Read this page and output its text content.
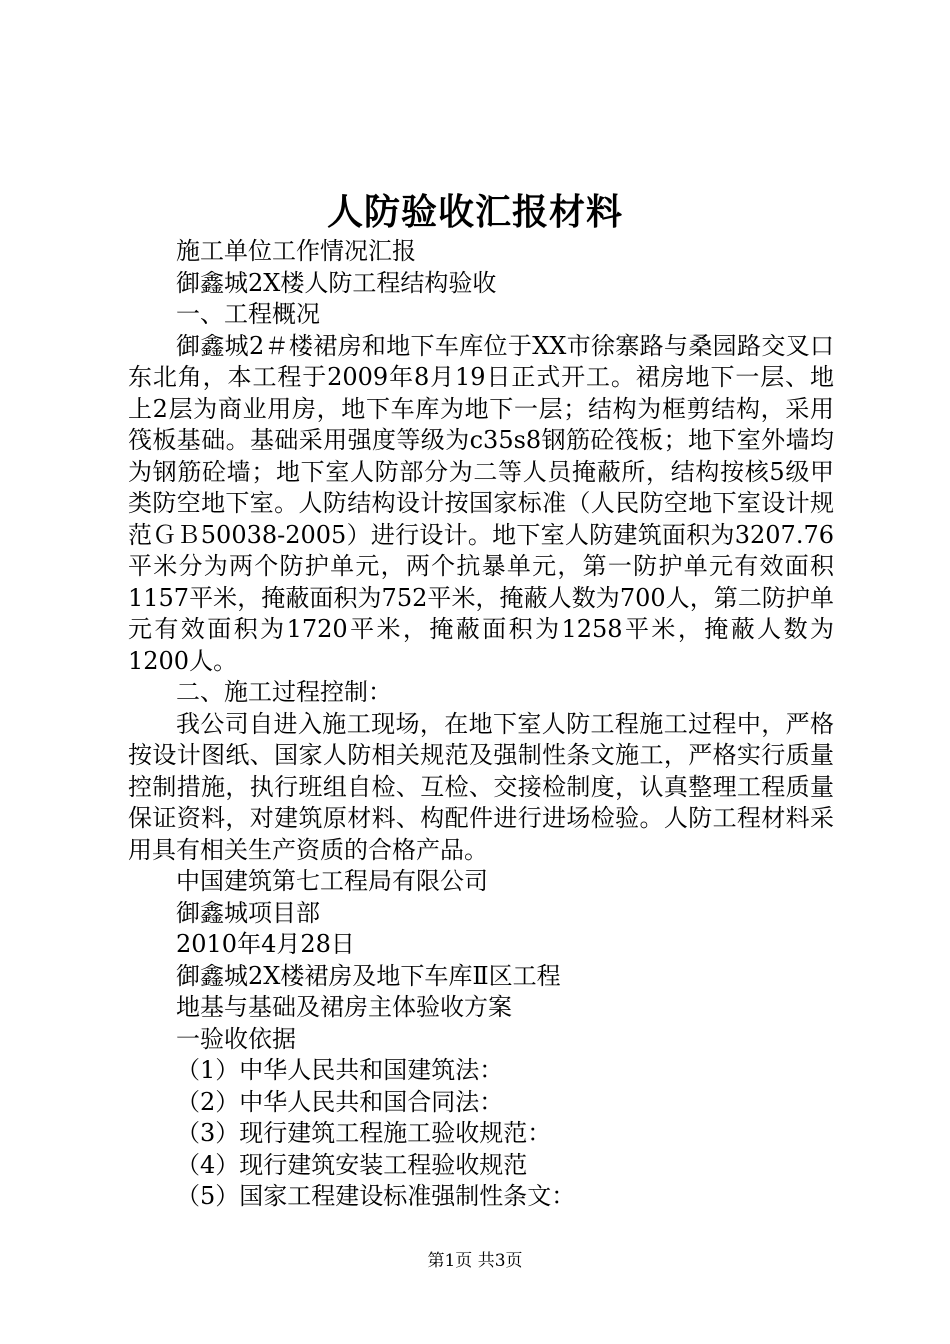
人防验收汇报材料

施工单位工作情况汇报

御鑫城2X楼人防工程结构验收

一、工程概况

御鑫城2＃楼裙房和地下车库位于XX市徐寨路与桑园路交叉口东北角，本工程于2009年8月19日正式开工。裙房地下一层、地上2层为商业用房，地下车库为地下一层；结构为框剪结构，采用筏板基础。基础采用强度等级为c35s8钢筋砼筏板；地下室外墙均为钢筋砼墙；地下室人防部分为二等人员掩蔽所，结构按核5级甲类防空地下室。人防结构设计按国家标准（人民防空地下室设计规范ＧＢ50038-2005）进行设计。地下室人防建筑面积为3207.76平米分为两个防护单元，两个抗暴单元，第一防护单元有效面积1157平米，掩蔽面积为752平米，掩蔽人数为700人，第二防护单元有效面积为1720平米，掩蔽面积为1258平米，掩蔽人数为1200人。

二、施工过程控制：

我公司自进入施工现场，在地下室人防工程施工过程中，严格按设计图纸、国家人防相关规范及强制性条文施工，严格实行质量控制措施，执行班组自检、互检、交接检制度，认真整理工程质量保证资料，对建筑原材料、构配件进行进场检验。人防工程材料采用具有相关生产资质的合格产品。

中国建筑第七工程局有限公司

御鑫城项目部

2010年4月28日

御鑫城2X楼裙房及地下车库Ⅱ区工程

地基与基础及裙房主体验收方案

一验收依据

（1）中华人民共和国建筑法：

（2）中华人民共和国合同法：

（3）现行建筑工程施工验收规范：

（4）现行建筑安装工程验收规范

（5）国家工程建设标准强制性条文：

第1页 共3页
